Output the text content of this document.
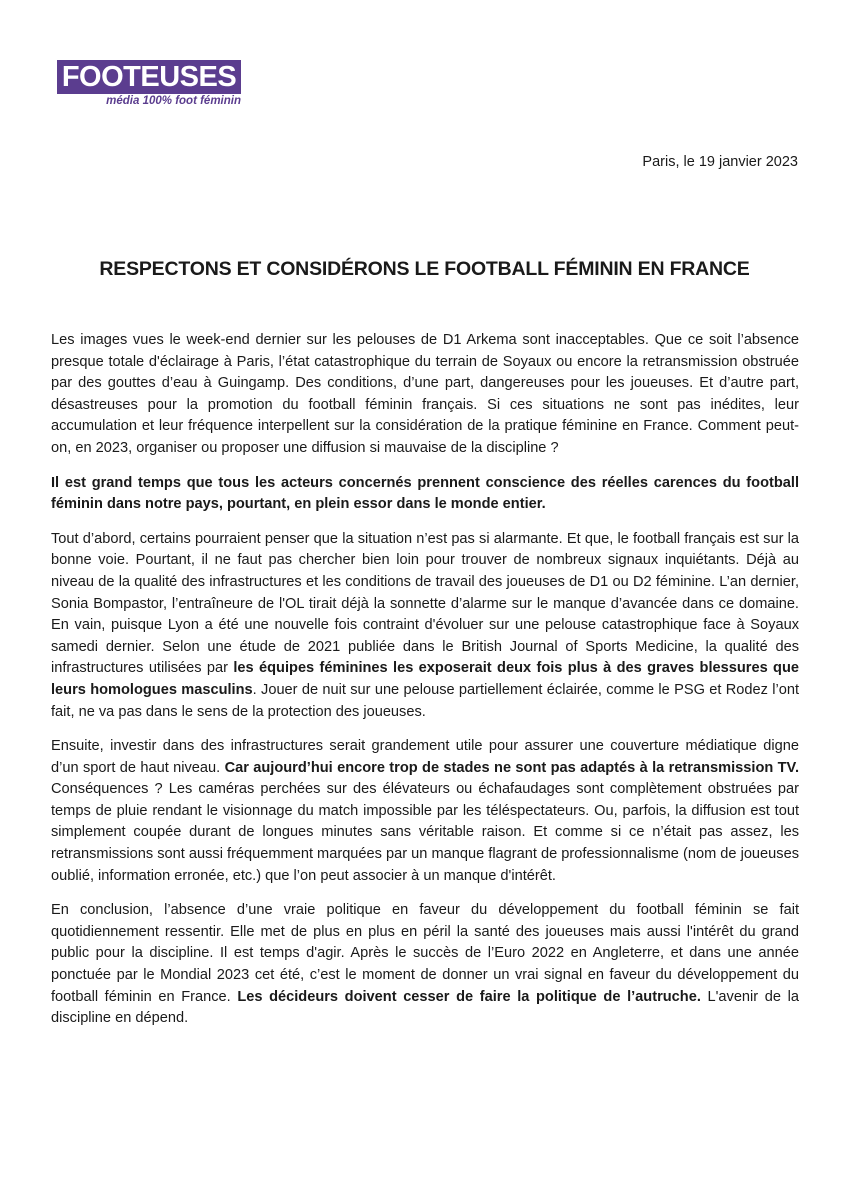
FOOTEUSES
média 100% foot féminin
Paris, le 19 janvier 2023
RESPECTONS ET CONSIDÉRONS LE FOOTBALL FÉMININ EN FRANCE

Les images vues le week-end dernier sur les pelouses de D1 Arkema sont inacceptables. Que ce soit l’absence presque totale d'éclairage à Paris, l’état catastrophique du terrain de Soyaux ou encore la retransmission obstruée par des gouttes d’eau à Guingamp. Des conditions, d’une part, dangereuses pour les joueuses. Et d’autre part, désastreuses pour la promotion du football féminin français. Si ces situations ne sont pas inédites, leur accumulation et leur fréquence interpellent sur la considération de la pratique féminine en France. Comment peut-on, en 2023, organiser ou proposer une diffusion si mauvaise de la discipline ?

Il est grand temps que tous les acteurs concernés prennent conscience des réelles carences du football féminin dans notre pays, pourtant, en plein essor dans le monde entier.

Tout d’abord, certains pourraient penser que la situation n’est pas si alarmante. Et que, le football français est sur la bonne voie. Pourtant, il ne faut pas chercher bien loin pour trouver de nombreux signaux inquiétants. Déjà au niveau de la qualité des infrastructures et les conditions de travail des joueuses de D1 ou D2 féminine. L’an dernier, Sonia Bompastor, l’entraîneure de l'OL tirait déjà la sonnette d’alarme sur le manque d’avancée dans ce domaine. En vain, puisque Lyon a été une nouvelle fois contraint d'évoluer sur une pelouse catastrophique face à Soyaux samedi dernier. Selon une étude de 2021 publiée dans le British Journal of Sports Medicine, la qualité des infrastructures utilisées par les équipes féminines les exposerait deux fois plus à des graves blessures que leurs homologues masculins. Jouer de nuit sur une pelouse partiellement éclairée, comme le PSG et Rodez l’ont fait, ne va pas dans le sens de la protection des joueuses.

Ensuite, investir dans des infrastructures serait grandement utile pour assurer une couverture médiatique digne d’un sport de haut niveau. Car aujourd’hui encore trop de stades ne sont pas adaptés à la retransmission TV. Conséquences ? Les caméras perchées sur des élévateurs ou échafaudages sont complètement obstruées par temps de pluie rendant le visionnage du match impossible par les téléspectateurs. Ou, parfois, la diffusion est tout simplement coupée durant de longues minutes sans véritable raison. Et comme si ce n’était pas assez, les retransmissions sont aussi fréquemment marquées par un manque flagrant de professionnalisme (nom de joueuses oublié, information erronée, etc.) que l’on peut associer à un manque d'intérêt.

En conclusion, l’absence d’une vraie politique en faveur du développement du football féminin se fait quotidiennement ressentir. Elle met de plus en plus en péril la santé des joueuses mais aussi l'intérêt du grand public pour la discipline. Il est temps d'agir. Après le succès de l’Euro 2022 en Angleterre, et dans une année ponctuée par le Mondial 2023 cet été, c’est le moment de donner un vrai signal en faveur du développement du football féminin en France. Les décideurs doivent cesser de faire la politique de l’autruche. L'avenir de la discipline en dépend.
